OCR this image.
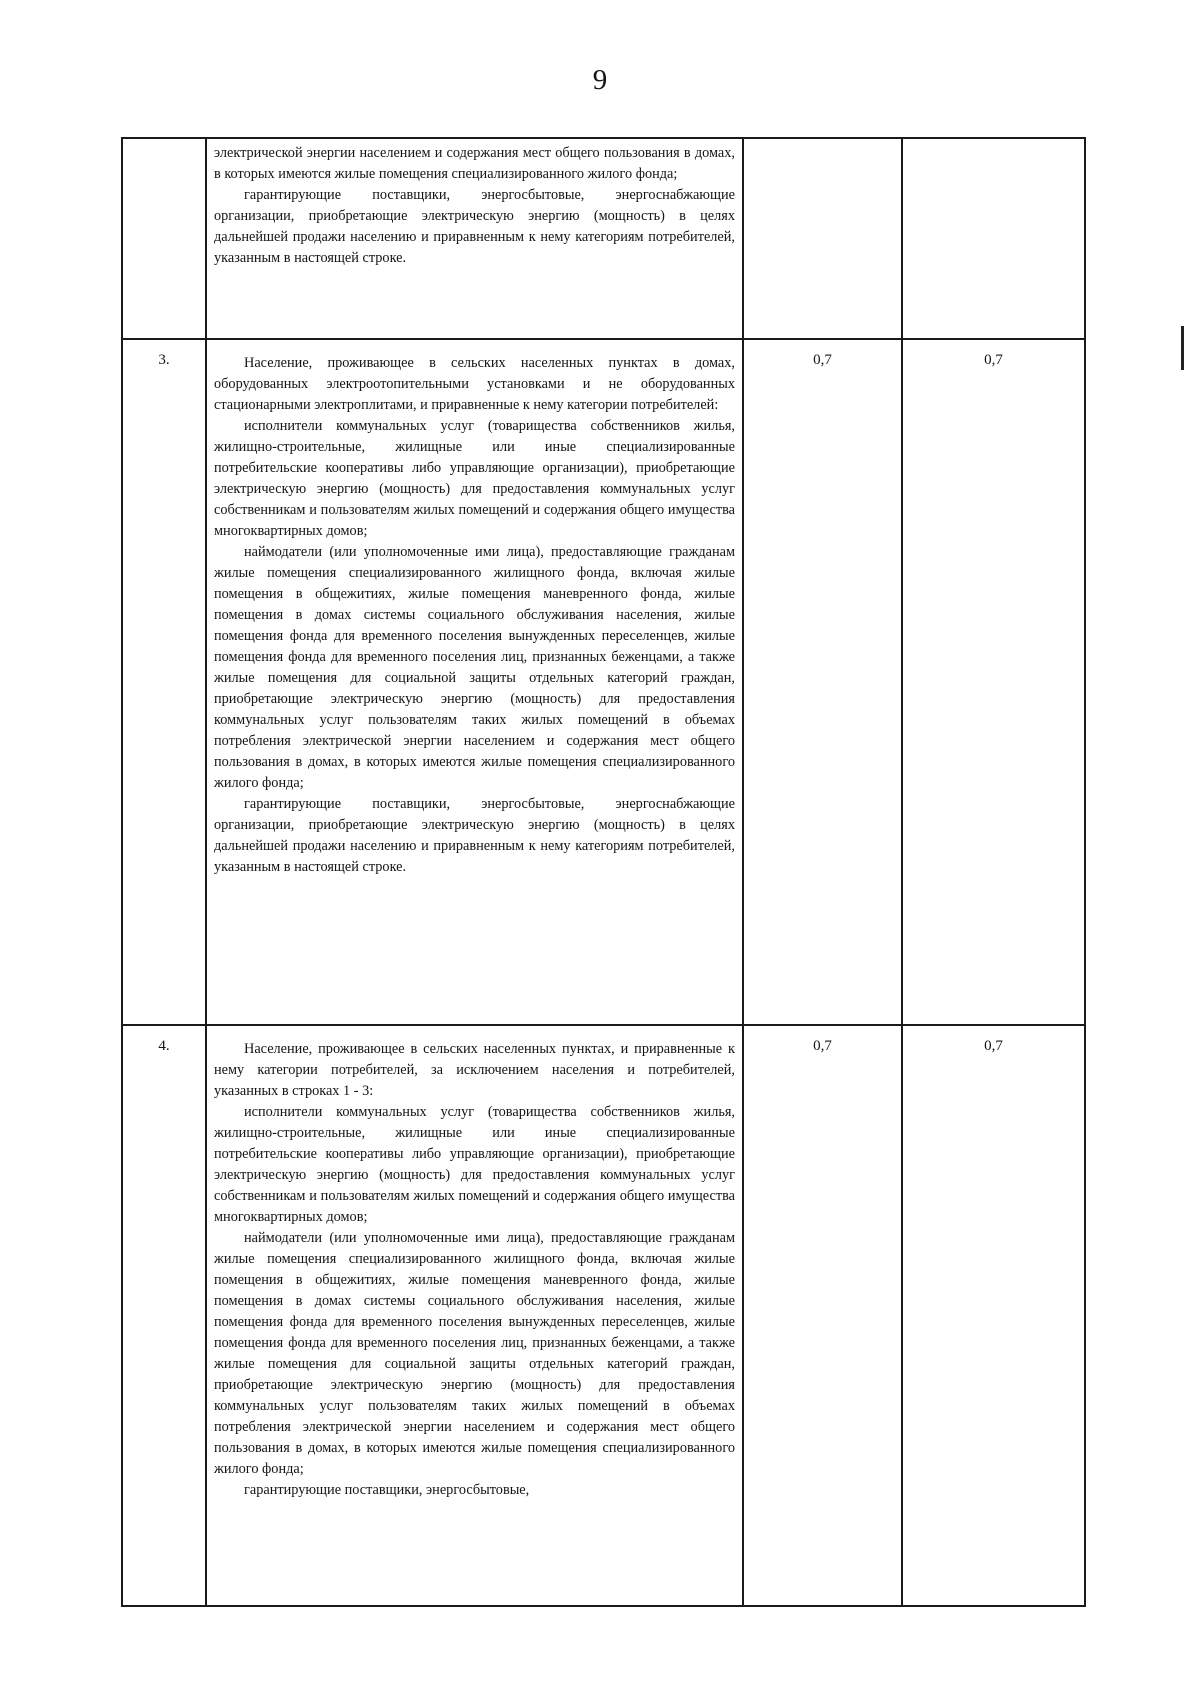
9

	электрической энергии населением и содержания мест общего пользования в домах, в которых имеются жилые помещения специализированного жилого фонда;

гарантирующие поставщики, энергосбытовые, энергоснабжающие организации, приобретающие электрическую энергию (мощность) в целях дальнейшей продажи населению и приравненным к нему категориям потребителей, указанным в настоящей строке.		

3.	Население, проживающее в сельских населенных пунктах в домах, оборудованных электроотопительными установками и не оборудованных стационарными электроплитами, и приравненные к нему категории потребителей:

исполнители коммунальных услуг (товарищества собственников жилья, жилищно-строительные, жилищные или иные специализированные потребительские кооперативы либо управляющие организации), приобретающие электрическую энергию (мощность) для предоставления коммунальных услуг собственникам и пользователям жилых помещений и содержания общего имущества многоквартирных домов;

наймодатели (или уполномоченные ими лица), предоставляющие гражданам жилые помещения специализированного жилищного фонда, включая жилые помещения в общежитиях, жилые помещения маневренного фонда, жилые помещения в домах системы социального обслуживания населения, жилые помещения фонда для временного поселения вынужденных переселенцев, жилые помещения фонда для временного поселения лиц, признанных беженцами, а также жилые помещения для социальной защиты отдельных категорий граждан, приобретающие электрическую энергию (мощность) для предоставления коммунальных услуг пользователям таких жилых помещений в объемах потребления электрической энергии населением и содержания мест общего пользования в домах, в которых имеются жилые помещения специализированного жилого фонда;

гарантирующие поставщики, энергосбытовые, энергоснабжающие организации, приобретающие электрическую энергию (мощность) в целях дальнейшей продажи населению и приравненным к нему категориям потребителей, указанным в настоящей строке.	0,7	0,7
4.	Население, проживающее в сельских населенных пунктах, и приравненные к нему категории потребителей, за исключением населения и потребителей, указанных в строках 1 - 3:

исполнители коммунальных услуг (товарищества собственников жилья, жилищно-строительные, жилищные или иные специализированные потребительские кооперативы либо управляющие организации), приобретающие электрическую энергию (мощность) для предоставления коммунальных услуг собственникам и пользователям жилых помещений и содержания общего имущества многоквартирных домов;

наймодатели (или уполномоченные ими лица), предоставляющие гражданам жилые помещения специализированного жилищного фонда, включая жилые помещения в общежитиях, жилые помещения маневренного фонда, жилые помещения в домах системы социального обслуживания населения, жилые помещения фонда для временного поселения вынужденных переселенцев, жилые помещения фонда для временного поселения лиц, признанных беженцами, а также жилые помещения для социальной защиты отдельных категорий граждан, приобретающие электрическую энергию (мощность) для предоставления коммунальных услуг пользователям таких жилых помещений в объемах потребления электрической энергии населением и содержания мест общего пользования в домах, в которых имеются жилые помещения специализированного жилого фонда;

гарантирующие поставщики, энергосбытовые,	0,7	0,7
